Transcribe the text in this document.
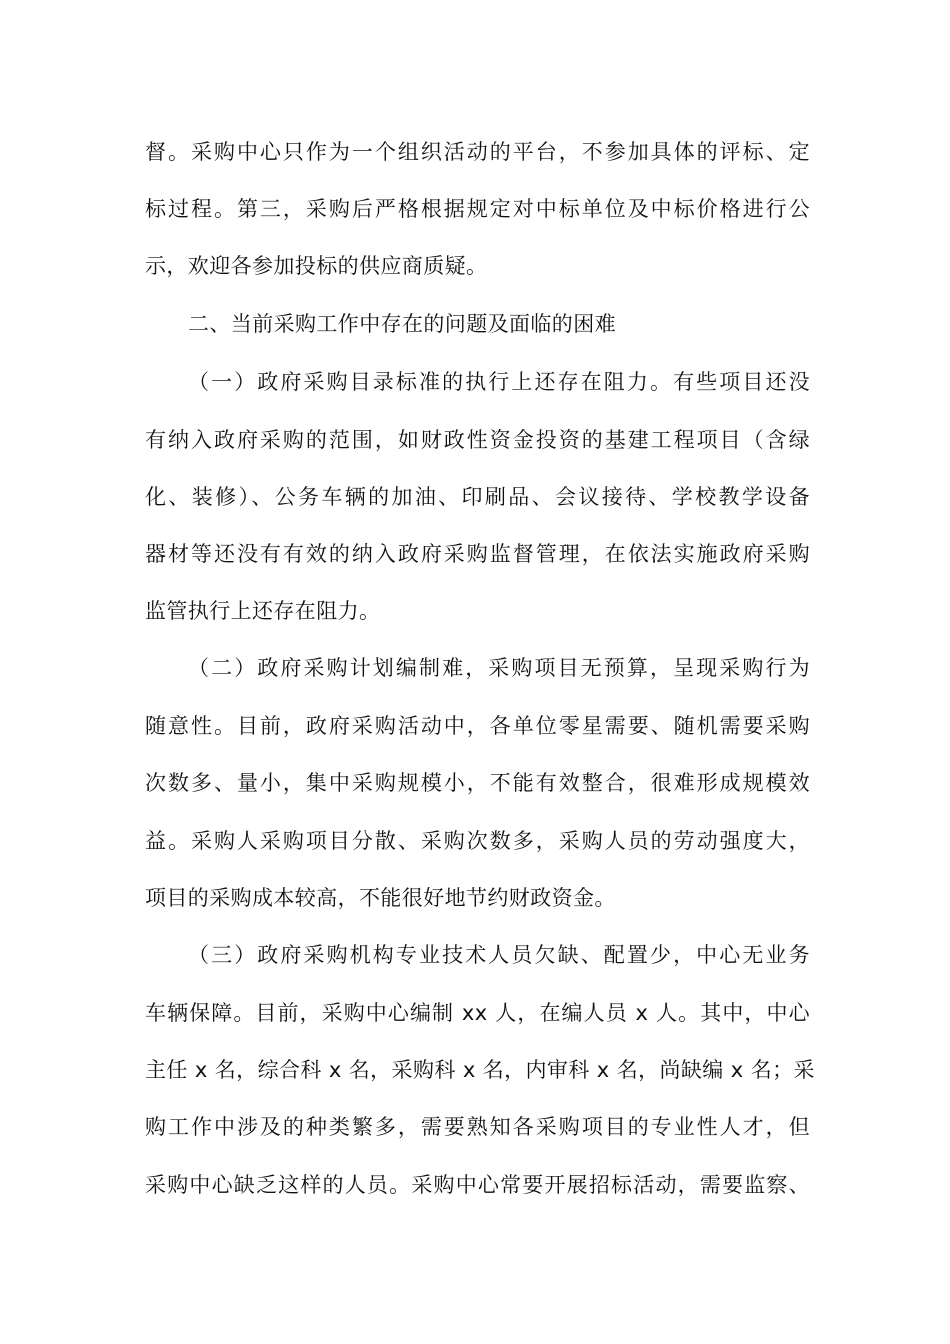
督。采购中心只作为一个组织活动的平台，不参加具体的评标、定

标过程。第三，采购后严格根据规定对中标单位及中标价格进行公

示，欢迎各参加投标的供应商质疑。

二、当前采购工作中存在的问题及面临的困难

（一）政府采购目录标准的执行上还存在阻力。有些项目还没

有纳入政府采购的范围，如财政性资金投资的基建工程项目（含绿

化、装修）、公务车辆的加油、印刷品、会议接待、学校教学设备

器材等还没有有效的纳入政府采购监督管理，在依法实施政府采购

监管执行上还存在阻力。

（二）政府采购计划编制难，采购项目无预算，呈现采购行为

随意性。目前，政府采购活动中，各单位零星需要、随机需要采购

次数多、量小，集中采购规模小，不能有效整合，很难形成规模效

益。采购人采购项目分散、采购次数多，采购人员的劳动强度大，

项目的采购成本较高，不能很好地节约财政资金。

（三）政府采购机构专业技术人员欠缺、配置少，中心无业务

车辆保障。目前，采购中心编制 xx 人，在编人员 x 人。其中，中心

主任 x 名，综合科 x 名，采购科 x 名，内审科 x 名，尚缺编 x 名；采

购工作中涉及的种类繁多，需要熟知各采购项目的专业性人才，但

采购中心缺乏这样的人员。采购中心常要开展招标活动，需要监察、
